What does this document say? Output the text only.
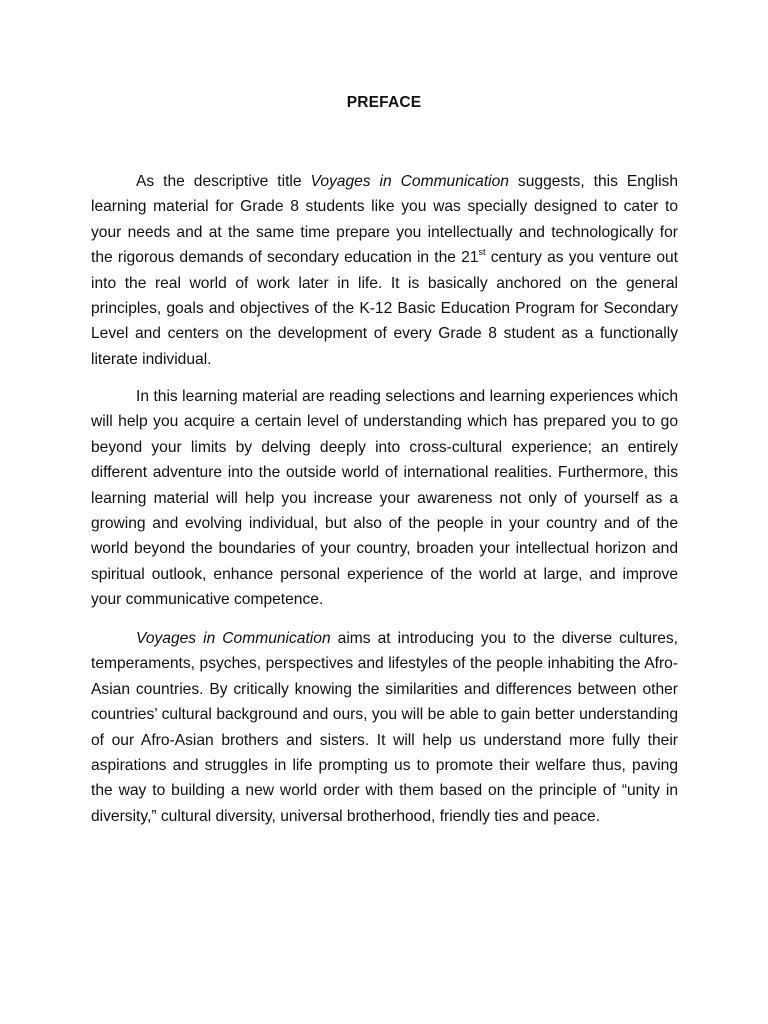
PREFACE

As the descriptive title Voyages in Communication suggests, this English learning material for Grade 8 students like you was specially designed to cater to your needs and at the same time prepare you intellectually and technologically for the rigorous demands of secondary education in the 21st century as you venture out into the real world of work later in life. It is basically anchored on the general principles, goals and objectives of the K-12 Basic Education Program for Secondary Level and centers on the development of every Grade 8 student as a functionally literate individual.

In this learning material are reading selections and learning experiences which will help you acquire a certain level of understanding which has prepared you to go beyond your limits by delving deeply into cross-cultural experience; an entirely different adventure into the outside world of international realities. Furthermore, this learning material will help you increase your awareness not only of yourself as a growing and evolving individual, but also of the people in your country and of the world beyond the boundaries of your country, broaden your intellectual horizon and spiritual outlook, enhance personal experience of the world at large, and improve your communicative competence.

Voyages in Communication aims at introducing you to the diverse cultures, temperaments, psyches, perspectives and lifestyles of the people inhabiting the Afro-Asian countries. By critically knowing the similarities and differences between other countries’ cultural background and ours, you will be able to gain better understanding of our Afro-Asian brothers and sisters. It will help us understand more fully their aspirations and struggles in life prompting us to promote their welfare thus, paving the way to building a new world order with them based on the principle of “unity in diversity,” cultural diversity, universal brotherhood, friendly ties and peace.
